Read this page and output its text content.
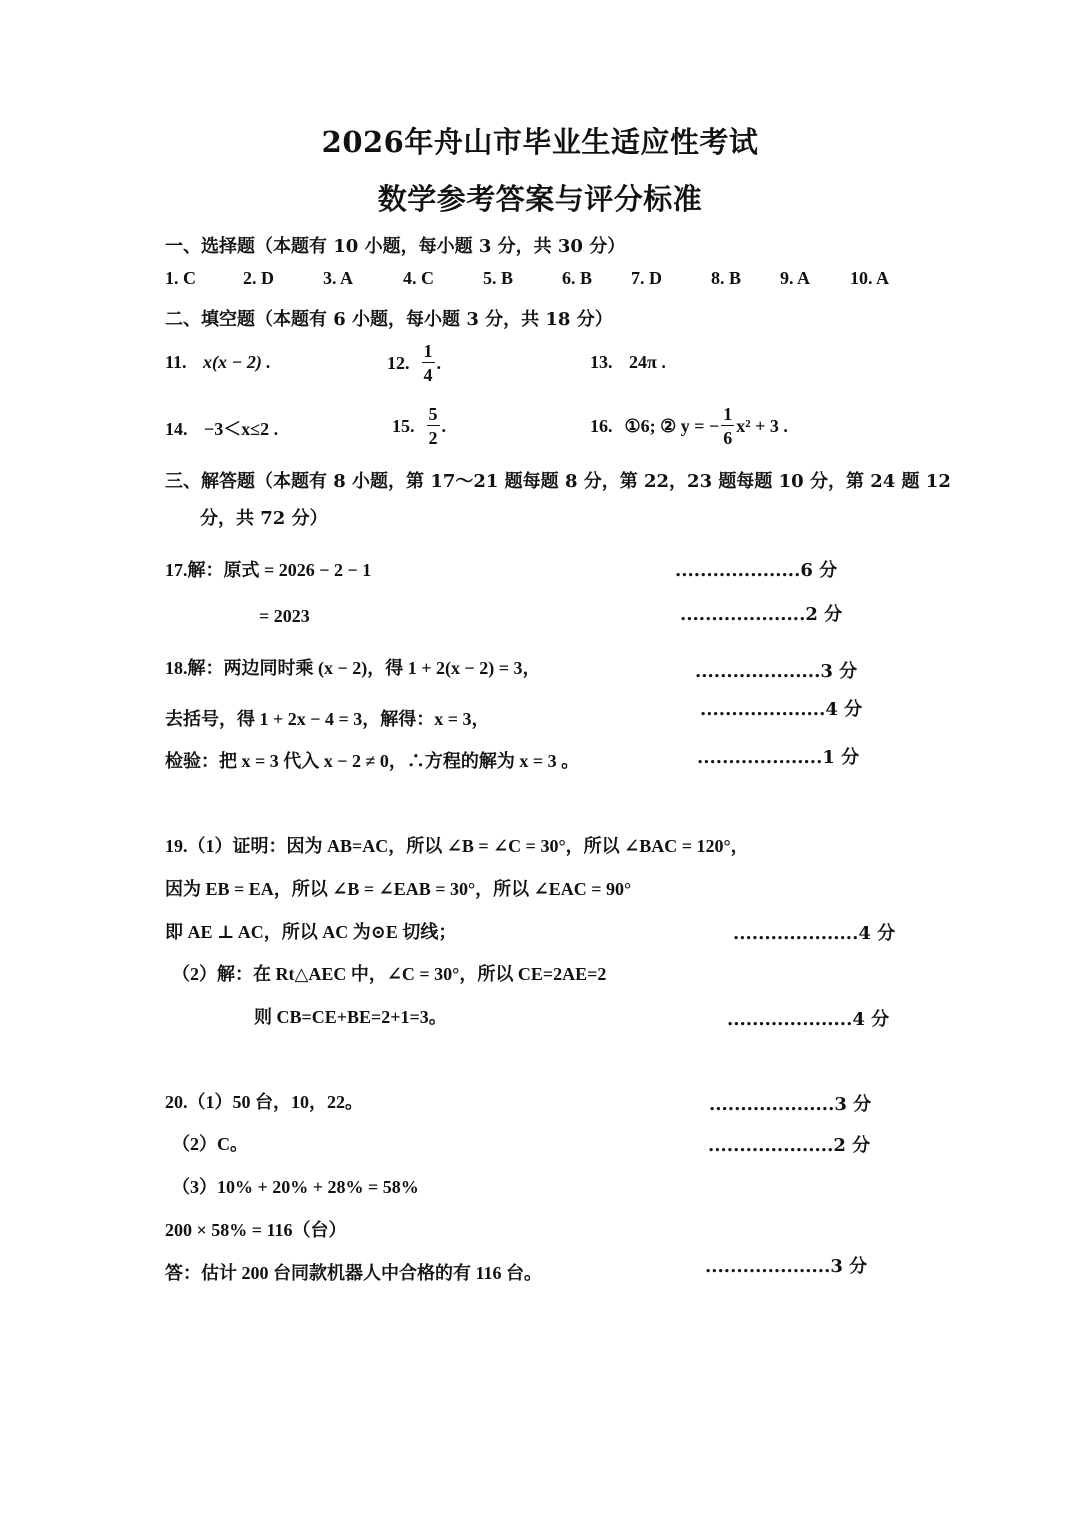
2026年舟山市毕业生适应性考试
数学参考答案与评分标准
一、选择题（本题有 10 小题，每小题 3 分，共 30 分）
1. C	2. D	3. A	4. C	5. B	6. B 7. D	8. B 9. A 10. A
二、填空题（本题有 6 小题，每小题 3 分，共 18 分）
11. x(x − 2) .	12. $\frac{1}{4}$ .	13. 24π .
14. −3＜x≤2 .	15. $\frac{5}{2}$ .	16. ①6; ② y = − $\frac{1}{6} x^2 + 3$ .
三、解答题（本题有 8 小题，第 17～21 题每题 8 分，第 22，23 题每题 10 分，第 24 题 12
分，共 72 分）
17.解：原式 = 2026 − 2 − 1	....................6 分
= 2023	....................2 分
18.解：两边同时乘 (x − 2)，得 1 + 2(x − 2) = 3，	....................3 分
去括号，得 1 + 2x − 4 = 3，解得：x = 3，	....................4 分
检验：把 x = 3 代入 x − 2 ≠ 0，∴方程的解为 x = 3 。	....................1 分
19.（1）证明：因为 AB=AC，所以 ∠B = ∠C = 30°，所以 ∠BAC = 120°，
因为 EB = EA，所以 ∠B = ∠EAB = 30°，所以 ∠EAC = 90°
即 AE ⊥ AC，所以 AC 为⊙E 切线；	....................4 分
（2）解：在 Rt△AEC 中，∠C = 30°，所以 CE=2AE=2
则 CB=CE+BE=2+1=3。	....................4 分
20.（1）50 台，10，22。	....................3 分
（2）C。	....................2 分
（3）10% + 20% + 28% = 58%
200 × 58% = 116（台）
答：估计 200 台同款机器人中合格的有 116 台。	....................3 分
